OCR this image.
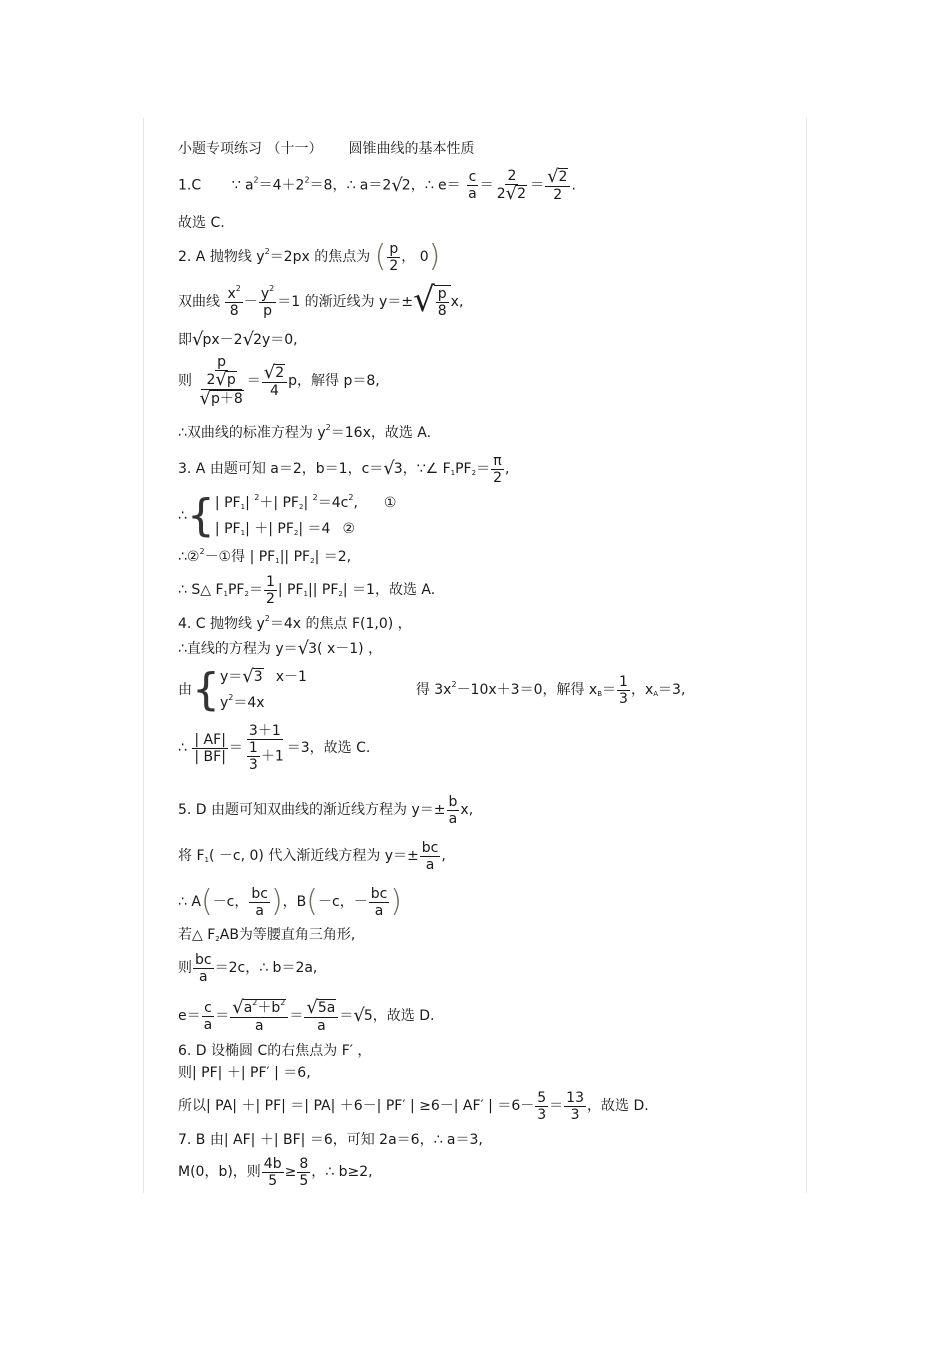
小题专项练习 （十一） 圆锥曲线的基本性质
1.C ∵ $a^2=4+2^2=8$，∴ a＝2 √ 2，∴ $e= \frac{c}{a} = \frac{2}{2 √ 2} = \frac{√ 2}{2}$ .
故选 C.
2. A 抛物线 $y^2=2px$ 的焦点为 ( $\frac{p}{2}$ ， 0)
双曲线 $\frac{x^2}{8} - \frac{y^2}{p} =1$ 的渐近线为 y＝± √ $\frac{p}{8} x$,
即 √ px－2 √ 2y＝0,
则 $\frac{\frac{p}{2 √ p}}{√ p+8} = \frac{√ 2}{4}$ p，解得 p＝8,
∴双曲线的标准方程为 $y^2=16x$，故选 A.
3. A 由题可知 a＝2，b＝1，c＝ √ 3，∵∠ $F_1PF_2= \frac{\pi}{2}$ ,
∴ { | $PF_1|$ $^2$＋| $PF_2|$ $^2=4c^2$, ①
| $PF_1|$ ＋| $PF_2| =4$ ②
∴②$^2$－①得 | $PF_1||$ $PF_2| =2$,
∴ S△ $F_1PF_2= \frac{1}{2}$ | $PF_1||$ $PF_2| =1$，故选 A.
4. C 抛物线 $y^2=4x$ 的焦点 F(1,0) ，
∴直线的方程为 y＝ √ 3( x－1) ，
由 { y＝ √ 3 x－1
$y^2=4x$
得 $3x^2-10x+3=0$，解得 $x_B= \frac{1}{3}$ ，$x_A=3$,
∴ $\frac{| AF|}{| BF|} = \frac{3+1}{\frac{1}{3} +1} =3$，故选 C.
5. D 由题可知双曲线的渐近线方程为 $y=\pm \frac{b}{a} x$,
将 $F_1( -c$, 0) 代入渐近线方程为 $y=\pm \frac{bc}{a}$ ,
∴ A(－c， $\frac{bc}{a}$ )，B(－c，－ $\frac{bc}{a}$ )
若△ $F_2AB$为等腰直角三角形,
则 $\frac{bc}{a} =2c$，∴ b＝2a,
$e= \frac{c}{a} = \frac{√ a^2+b^2}{a} = \frac{√ 5a}{a}$ ＝ √ 5，故选 D.
6. D 设椭圆 C的右焦点为 F′ ，
则| PF| ＋| PF′ | ＝6,
所以| PA| ＋| PF| ＝| PA| ＋6－| PF′ | ≥6－| AF′ | $=6- \frac{5}{3} = \frac{13}{3}$ ，故选 D.
7. B 由| AF| ＋| BF| ＝6，可知 2a＝6，∴ a＝3,
M(0，b)，则 $\frac{4b}{5} \ge \frac{8}{5}$ ，∴ b≥2,
